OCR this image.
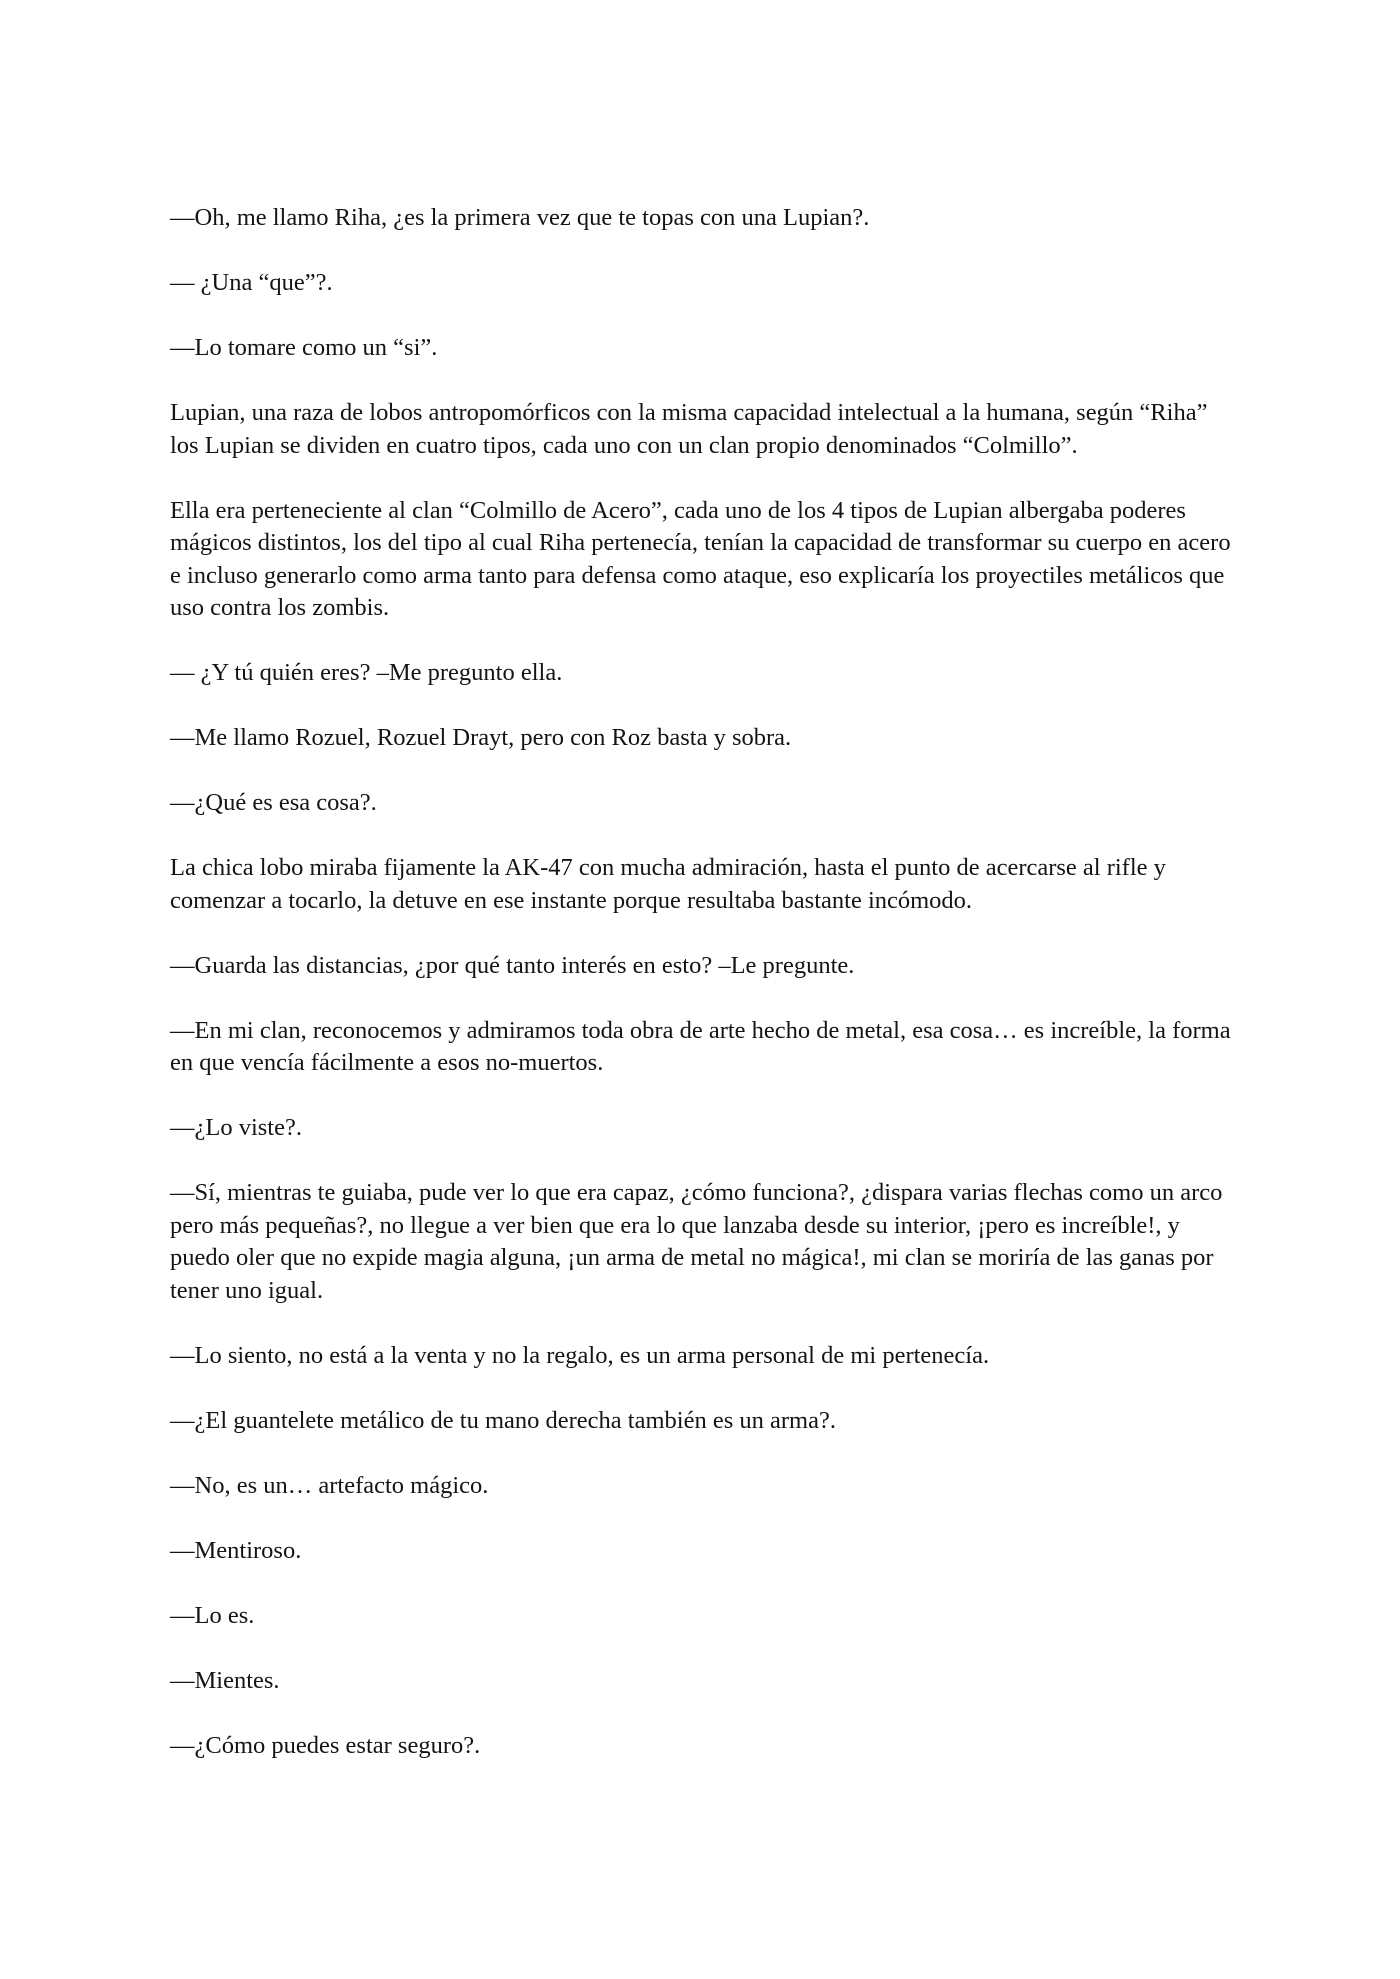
—Oh, me llamo Riha, ¿es la primera vez que te topas con una Lupian?.

— ¿Una “que”?.

—Lo tomare como un “si”.

Lupian, una raza de lobos antropomórficos con la misma capacidad intelectual a la humana, según “Riha” los Lupian se dividen en cuatro tipos, cada uno con un clan propio denominados “Colmillo”.

Ella era perteneciente al clan “Colmillo de Acero”, cada uno de los 4 tipos de Lupian albergaba poderes mágicos distintos, los del tipo al cual Riha pertenecía, tenían la capacidad de transformar su cuerpo en acero e incluso generarlo como arma tanto para defensa como ataque, eso explicaría los proyectiles metálicos que uso contra los zombis.

— ¿Y tú quién eres? –Me pregunto ella.

—Me llamo Rozuel, Rozuel Drayt, pero con Roz basta y sobra.

—¿Qué es esa cosa?.

La chica lobo miraba fijamente la AK-47 con mucha admiración, hasta el punto de acercarse al rifle y comenzar a tocarlo, la detuve en ese instante porque resultaba bastante incómodo.

—Guarda las distancias, ¿por qué tanto interés en esto? –Le pregunte.

—En mi clan, reconocemos y admiramos toda obra de arte hecho de metal, esa cosa… es increíble, la forma en que vencía fácilmente a esos no-muertos.

—¿Lo viste?.

—Sí, mientras te guiaba, pude ver lo que era capaz, ¿cómo funciona?, ¿dispara varias flechas como un arco pero más pequeñas?, no llegue a ver bien que era lo que lanzaba desde su interior, ¡pero es increíble!, y puedo oler que no expide magia alguna, ¡un arma de metal no mágica!, mi clan se moriría de las ganas por tener uno igual.

—Lo siento, no está a la venta y no la regalo, es un arma personal de mi pertenecía.

—¿El guantelete metálico de tu mano derecha también es un arma?.

—No, es un… artefacto mágico.

—Mentiroso.

—Lo es.

—Mientes.

—¿Cómo puedes estar seguro?.
